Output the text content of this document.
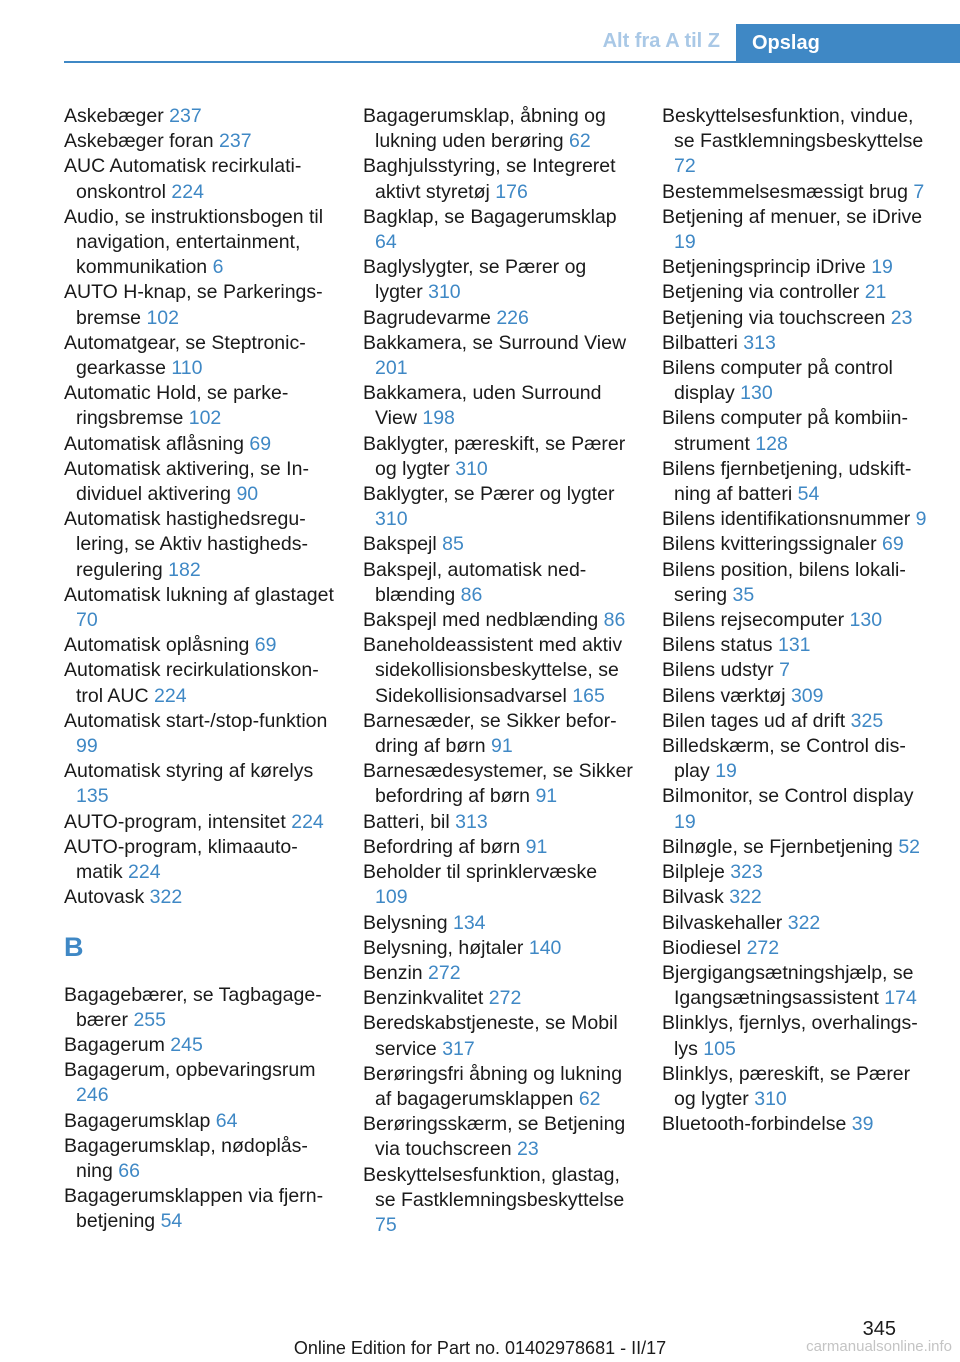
Alt fra A til Z	Opslag
Askebæger 237
Askebæger foran 237
AUC Automatisk recirkulationskontrol 224
Audio, se instruktionsbogen til navigation, entertainment, kommunikation 6
AUTO H-knap, se Parkeringsbremse 102
Automatgear, se Steptronic-gearkasse 110
Automatic Hold, se parkeringsbremse 102
Automatisk aflåsning 69
Automatisk aktivering, se Individuel aktivering 90
Automatisk hastighedsregulering, se Aktiv hastighedsregulering 182
Automatisk lukning af glastaget 70
Automatisk oplåsning 69
Automatisk recirkulationskontrol AUC 224
Automatisk start-/stop-funktion 99
Automatisk styring af kørelys 135
AUTO-program, intensitet 224
AUTO-program, klimaautomatik 224
Autovask 322
B
Bagagebærer, se Tagbagagebærer 255
Bagagerum 245
Bagagerum, opbevaringsrum 246
Bagagerumsklap 64
Bagagerumsklap, nødoplåsning 66
Bagagerumsklappen via fjernbetjening 54
Bagagerumsklap, åbning og lukning uden berøring 62
Baghjulsstyring, se Integreret aktivt styretøj 176
Bagklap, se Bagagerumsklap 64
Baglyslygter, se Pærer og lygter 310
Bagrudevarme 226
Bakkamera, se Surround View 201
Bakkamera, uden Surround View 198
Baklygter, pæreskift, se Pærer og lygter 310
Baklygter, se Pærer og lygter 310
Bakspejl 85
Bakspejl, automatisk nedblænding 86
Bakspejl med nedblænding 86
Baneholdeassistent med aktiv sidekollisionsbeskyttelse, se Sidekollisionsadvarsel 165
Barnesæder, se Sikker befordring af børn 91
Barnesædesystemer, se Sikker befordring af børn 91
Batteri, bil 313
Befordring af børn 91
Beholder til sprinklervæske 109
Belysning 134
Belysning, højtaler 140
Benzin 272
Benzinkvalitet 272
Beredskabstjeneste, se Mobil service 317
Berøringsfri åbning og lukning af bagagerumsklappen 62
Berøringsskærm, se Betjening via touchscreen 23
Beskyttelsesfunktion, glastag, se Fastklemningsbeskyttelse 75
Beskyttelsesfunktion, vindue, se Fastklemningsbeskyttelse 72
Bestemmelsesmæssigt brug 7
Betjening af menuer, se iDrive 19
Betjeningsprincip iDrive 19
Betjening via controller 21
Betjening via touchscreen 23
Bilbatteri 313
Bilens computer på control display 130
Bilens computer på kombiinstrument 128
Bilens fjernbetjening, udskiftning af batteri 54
Bilens identifikationsnummer 9
Bilens kvitteringssignaler 69
Bilens position, bilens lokalisering 35
Bilens rejsecomputer 130
Bilens status 131
Bilens udstyr 7
Bilens værktøj 309
Bilen tages ud af drift 325
Billedskærm, se Control display 19
Bilmonitor, se Control display 19
Bilnøgle, se Fjernbetjening 52
Bilpleje 323
Bilvask 322
Bilvaskehaller 322
Biodiesel 272
Bjergigangsætningshjælp, se Igangsætningsassistent 174
Blinklys, fjernlys, overhalingslys 105
Blinklys, pæreskift, se Pærer og lygter 310
Bluetooth-forbindelse 39
345
Online Edition for Part no. 01402978681 - II/17	carmanualsonline.info
